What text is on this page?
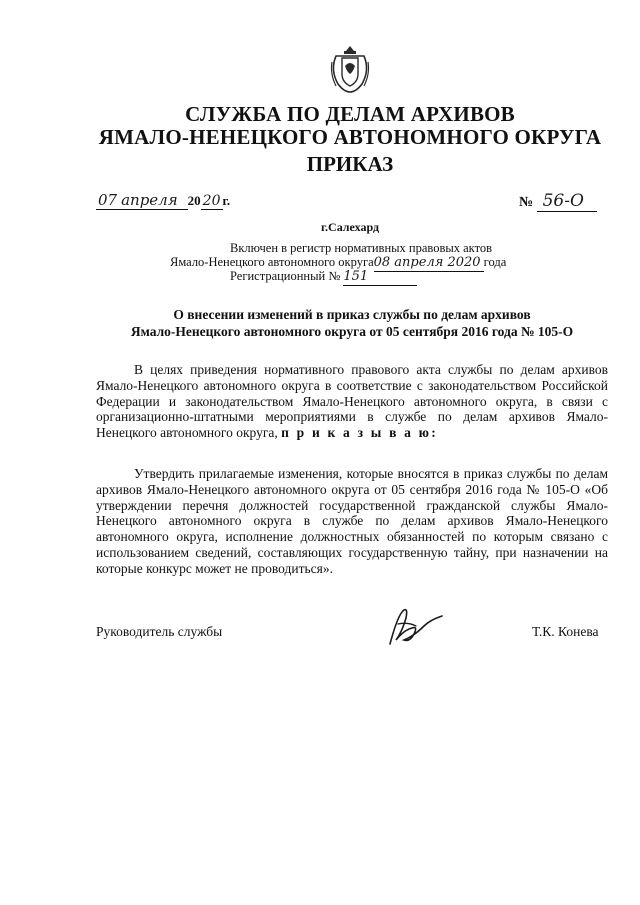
СЛУЖБА ПО ДЕЛАМ АРХИВОВ
ЯМАЛО-НЕНЕЦКОГО АВТОНОМНОГО ОКРУГА
ПРИКАЗ
07 апреля 20 20 г.	№ 56-О
г.Салехард
Включен в регистр нормативных правовых актов
Ямало-Ненецкого автономного округа08 апреля 2020 года
Регистрационный № 151
О внесении изменений в приказ службы по делам архивов
Ямало-Ненецкого автономного округа от 05 сентября 2016 года № 105-О
В целях приведения нормативного правового акта службы по делам архивов Ямало-Ненецкого автономного округа в соответствие с законодательством Российской Федерации и законодательством Ямало-Ненецкого автономного округа, в связи с организационно-штатными мероприятиями в службе по делам архивов Ямало-Ненецкого автономного округа, п р и к а з ы в а ю:
Утвердить прилагаемые изменения, которые вносятся в приказ службы по делам архивов Ямало-Ненецкого автономного округа от 05 сентября 2016 года № 105-О «Об утверждении перечня должностей государственной гражданской службы Ямало-Ненецкого автономного округа в службе по делам архивов Ямало-Ненецкого автономного округа, исполнение должностных обязанностей по которым связано с использованием сведений, составляющих государственную тайну, при назначении на которые конкурс может не проводиться».
Руководитель службы	Т.К. Конева
